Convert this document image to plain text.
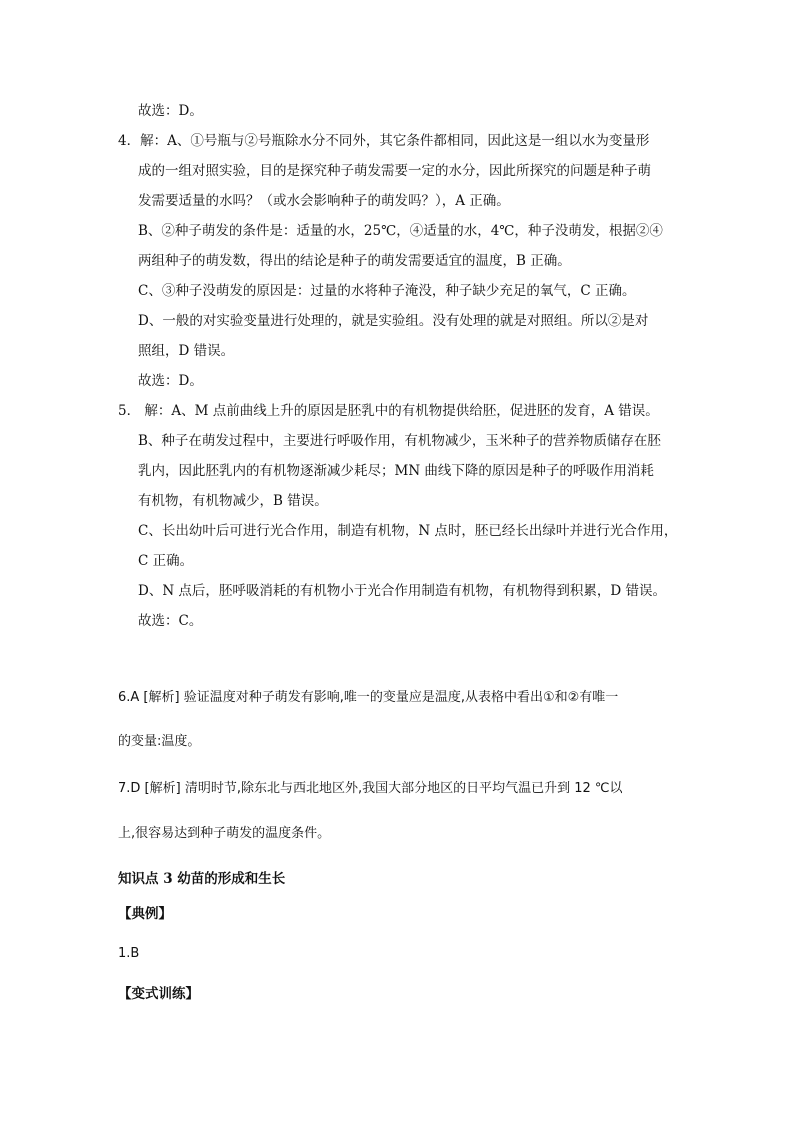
故选：D。
4．解：A、①号瓶与②号瓶除水分不同外，其它条件都相同，因此这是一组以水为变量形
成的一组对照实验，目的是探究种子萌发需要一定的水分，因此所探究的问题是种子萌
发需要适量的水吗？（或水会影响种子的萌发吗？），A 正确。
B、②种子萌发的条件是：适量的水，25℃，④适量的水，4℃，种子没萌发，根据②④
两组种子的萌发数，得出的结论是种子的萌发需要适宜的温度，B 正确。
C、③种子没萌发的原因是：过量的水将种子淹没，种子缺少充足的氧气，C 正确。
D、一般的对实验变量进行处理的，就是实验组。没有处理的就是对照组。所以②是对
照组，D 错误。
故选：D。
5． 解：A、M 点前曲线上升的原因是胚乳中的有机物提供给胚，促进胚的发育，A 错误。
B、种子在萌发过程中，主要进行呼吸作用，有机物减少，玉米种子的营养物质储存在胚
乳内，因此胚乳内的有机物逐渐减少耗尽；MN 曲线下降的原因是种子的呼吸作用消耗
有机物，有机物减少，B 错误。
C、长出幼叶后可进行光合作用，制造有机物，N 点时，胚已经长出绿叶并进行光合作用，
C 正确。
D、N 点后，胚呼吸消耗的有机物小于光合作用制造有机物，有机物得到积累，D 错误。
故选：C。
6.A [解析] 验证温度对种子萌发有影响,唯一的变量应是温度,从表格中看出①和②有唯一
的变量:温度。
7.D [解析] 清明时节,除东北与西北地区外,我国大部分地区的日平均气温已升到 12 ℃以
上,很容易达到种子萌发的温度条件。
知识点 3 幼苗的形成和生长
【典例】
1.B
【变式训练】
